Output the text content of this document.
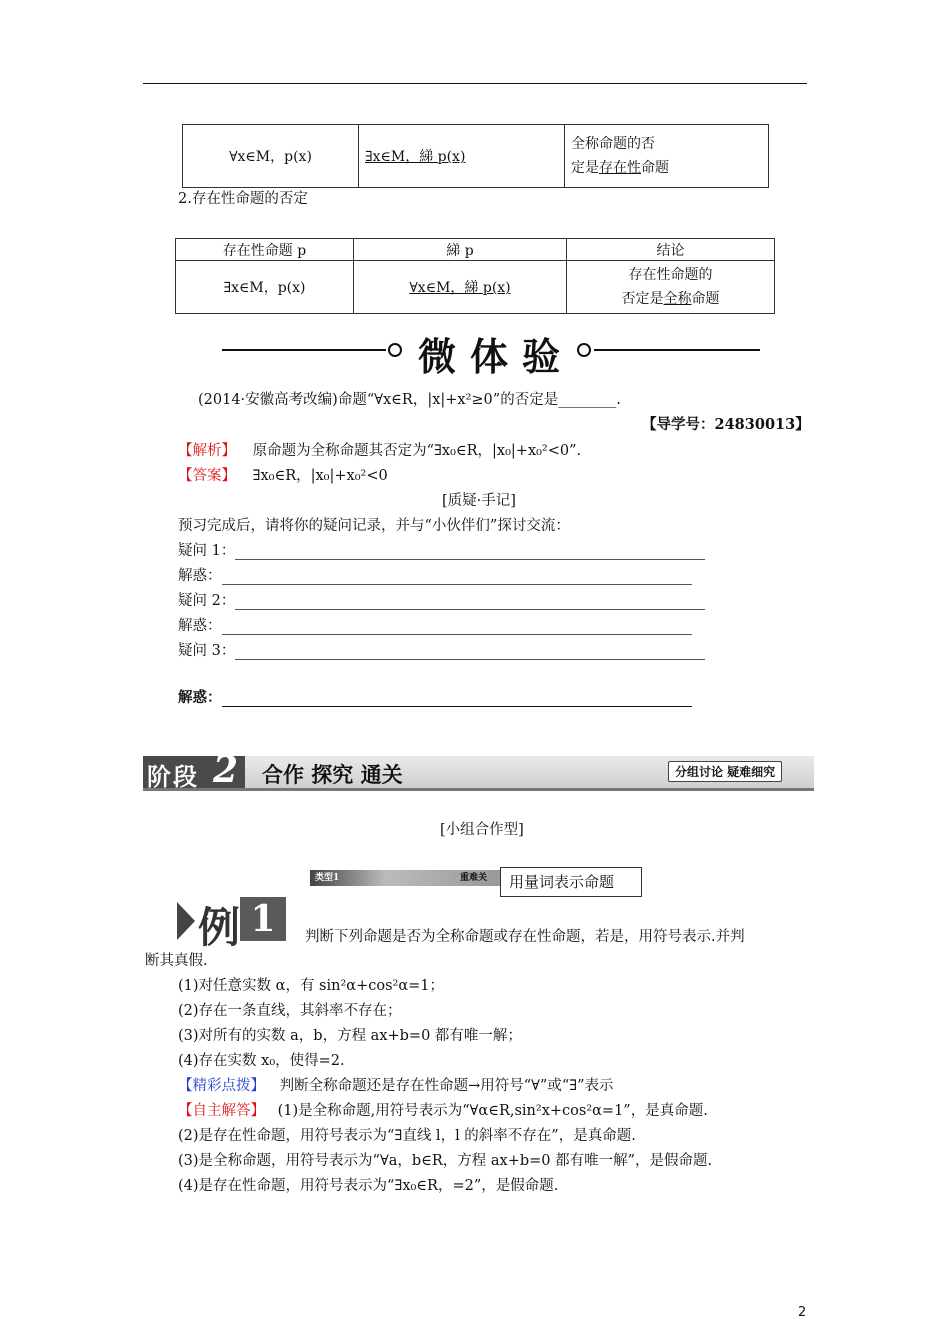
∀x∈M，p(x)	∃x∈M，綈 p(x)	
全称命题的否
定是存在性命题
2.存在性命题的否定
存在性命题 p	綈 p	结论
∃x∈M，p(x)	∀x∈M，綈 p(x)	存在性命题的
否定是全称命题
微体验
(2014·安徽高考改编)命题“∀x∈R，|x|+x²≥0”的否定是________.
【导学号：24830013】
【解析】 原命题为全称命题其否定为“∃x₀∈R，|x₀|+x₀²<0”.
【答案】 ∃x₀∈R，|x₀|+x₀²<0
[质疑·手记]
预习完成后，请将你的疑问记录，并与“小伙伴们”探讨交流：
疑问 1：
解惑：
疑问 2：
解惑：
疑问 3：
解惑：
阶段 2 合作 探究 通关	分组讨论 疑难细究
[小组合作型]
类型1	重难关	用量词表示命题
例 1	判断下列命题是否为全称命题或存在性命题，若是，用符号表示.并判
断其真假.
(1)对任意实数 α，有 sin²α+cos²α=1；
(2)存在一条直线，其斜率不存在；
(3)对所有的实数 a，b，方程 ax+b=0 都有唯一解；
(4)存在实数 x₀，使得=2.
【精彩点拨】 判断全称命题还是存在性命题→用符号“∀”或“∃”表示
【自主解答】 (1)是全称命题,用符号表示为“∀α∈R,sin²x+cos²α=1”，是真命题.
(2)是存在性命题，用符号表示为“∃直线 l，l 的斜率不存在”，是真命题.
(3)是全称命题，用符号表示为“∀a，b∈R，方程 ax+b=0 都有唯一解”，是假命题.
(4)是存在性命题，用符号表示为“∃x₀∈R，=2”，是假命题.
2
